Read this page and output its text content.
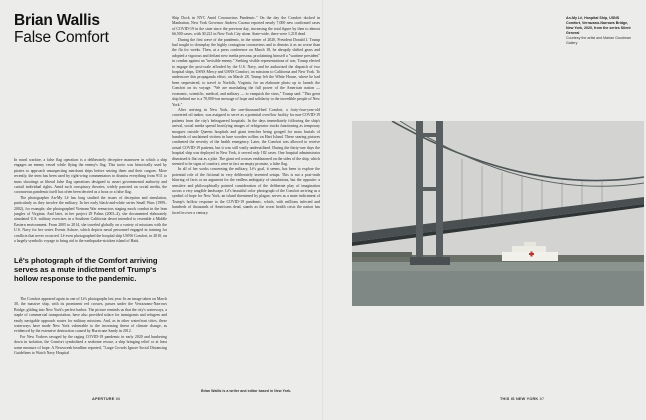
Brian Wallis
False Comfort

In naval warfare, a false flag operation is a deliberately deceptive maneuver in which a ship engages an enemy vessel while flying the enemy's flag. This tactic was historically used by pirates to approach unsuspecting merchant ships before seizing them and their cargoes. More recently, the term has been used by right-wing commentators to dismiss everything from 9/11 to mass shootings as liberal false flag operations designed to assert governmental authority and curtail individual rights. Amid such conspiracy theories, widely parroted on social media, the coronavirus pandemic itself has often been decried as a hoax or a false flag.

The photographer An-My Lê has long studied the issues of deception and simulation, particularly as they involve the military. In her early black-and-white series Small Wars (1999–2002), for example, she photographed Vietnam War reenactors staging mock combat in the lean jungles of Virginia. And later, in her project 29 Palms (2003–4), she documented elaborately simulated U.S. military exercises in a Southern California desert intended to resemble a Middle Eastern environment. From 2005 to 2014, she traveled globally on a variety of missions with the U.S. Navy for her series Events Ashore, which depicts naval personnel engaged in training for conflicts that never occurred. Lê even photographed the hospital ship USNS Comfort, in 2010, on a largely symbolic voyage to bring aid to the earthquake-stricken island of Haiti.

Lê's photograph of the Comfort arriving serves as a mute indictment of Trump's hollow response to the pandemic.

The Comfort appeared again in one of Lê's photographs last year. In an image taken on March 30, the massive ship, with its prominent red crosses, passes under the Verrazzano-Narrows Bridge, gliding into New York's perfect harbor. The picture reminds us that the city's waterways, a staple of commercial transportation, have also provided solace for immigrants and refugees and easily navigable approach routes for military missions. And, as in other waterfront cities, these waterways have made New York vulnerable to the increasing threat of climate change, as evidenced by the extensive destruction caused by Hurricane Sandy in 2012.

For New Yorkers ravaged by the raging COVID-19 pandemic in early 2020 and hunkering down in isolation, the Comfort symbolized a seaborne rescue, a ship bringing relief or at least some measure of hope. A Newsweek headline reported, "Large Crowds Ignore Social Distancing Guidelines to Watch Navy Hospital

Ship Dock in NYC Amid Coronavirus Pandemic." On the day the Comfort docked in Manhattan, New York Governor Andrew Cuomo reported nearly 7,000 new confirmed cases of COVID-19 in the state since the previous day, increasing the total figure by then to almost 66,500 cases, with 30,221 in New York City alone. State-wide, there were 1,218 dead.

During the first wave of the pandemic, in the winter of 2020, President Donald J. Trump had sought to downplay the highly contagious coronavirus and to dismiss it as no worse than the flu for weeks. Then, at a press conference on March 18, he abruptly shifted gears and adopted a vigorous and defiant new media persona, proclaiming himself a "wartime president" in combat against an "invisible enemy." Seeking visible representations of war, Trump elected to engage the post-scale afforded by the U.S. Navy, and he authorized the dispatch of two hospital ships, USNS Mercy and USNS Comfort, on missions to California and New York. To underscore this propaganda effort, on March 28, Trump left the White House, where he had been sequestered, to travel to Norfolk, Virginia, for an elaborate photo op to launch the Comfort on its voyage. "We are marshaling the full power of the American nation — economic, scientific, medical, and military — to vanquish the virus," Trump said. "This great ship behind me is a 70,000-ton message of hope and solidarity to the incredible people of New York."

After arriving in New York, the one-thousand-bed Comfort, a forty-four-year-old converted oil tanker, was assigned to serve as a potential overflow facility for non-COVID-19 patients from the city's beleaguered hospitals. In the days immediately following the ship's arrival, social media spread horrifying images of refrigerator trucks functioning as temporary morgues outside Queens hospitals and giant trenches being gouged for mass burials of hundreds of unclaimed victims in bare wooden coffins on Hart Island. These searing pictures confirmed the severity of the health emergency. Later, the Comfort was allowed to receive actual COVID-19 patients, but it was still vastly underutilized. During the thirty-one days the hospital ship was deployed in New York, it served only 182 cases. One hospital administrator dismissed it flat out as a joke. The giant red crosses emblazoned on the sides of the ship, which seemed to be signs of comfort, were in fact an empty promise, a false flag.

In all of her works concerning the military, Lê's goal, it seems, has been to explore the potential role of the fictional in very deliberately invented setups. This is not a post-truth blurring of facts or an argument for the endless ambiguity of simulations, but the opposite: a sensitive and philosophically pointed consideration of the deliberate play of imagination across a very tangible landscape. Lê's beautiful color photograph of the Comfort arriving as a symbol of hope for New York, an island threatened by plague, serves as a mute indictment of Trump's hollow response to the COVID-19 pandemic, which, with millions infected and hundreds of thousands of Americans dead, stands as the worst health crisis the nation has faced in over a century.

An-My Lê, Hospital Ship, USNS Comfort, Verrazano-Narrows Bridge, New York, 2020, from the series Silent General
Courtesy the artist and Marian Goodman Gallery
Brian Wallis is a writer and editor based in New York.
APERTURE 86	THIS IS NEW YORK 87
